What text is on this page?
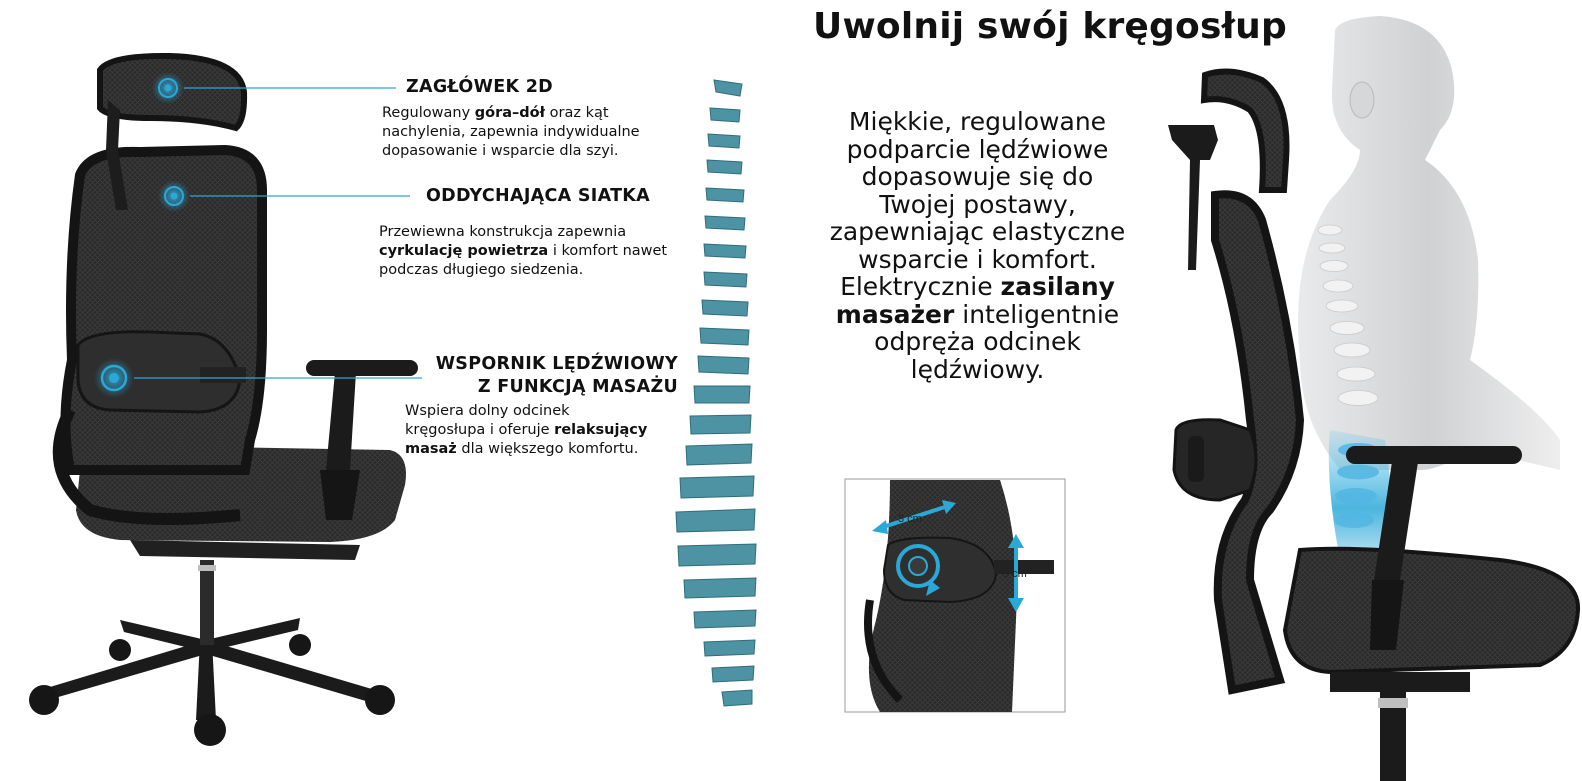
3 cm
5 cm
Uwolnij swój kręgosłup
Miękkie, regulowane
podparcie lędźwiowe
dopasowuje się do
Twojej postawy,
zapewniając elastyczne
wsparcie i komfort.
Elektrycznie zasilany
masażer inteligentnie
odpręża odcinek
lędźwiowy.
ZAGŁÓWEK 2D
Regulowany góra–dół oraz kąt
nachylenia, zapewnia indywidualne
dopasowanie i wsparcie dla szyi.
ODDYCHAJĄCA SIATKA
Przewiewna konstrukcja zapewnia
cyrkulację powietrza i komfort nawet
podczas długiego siedzenia.
WSPORNIK LĘDŹWIOWY
Z FUNKCJĄ MASAŻU
Wspiera dolny odcinek
kręgosłupa i oferuje relaksujący
masaż dla większego komfortu.
